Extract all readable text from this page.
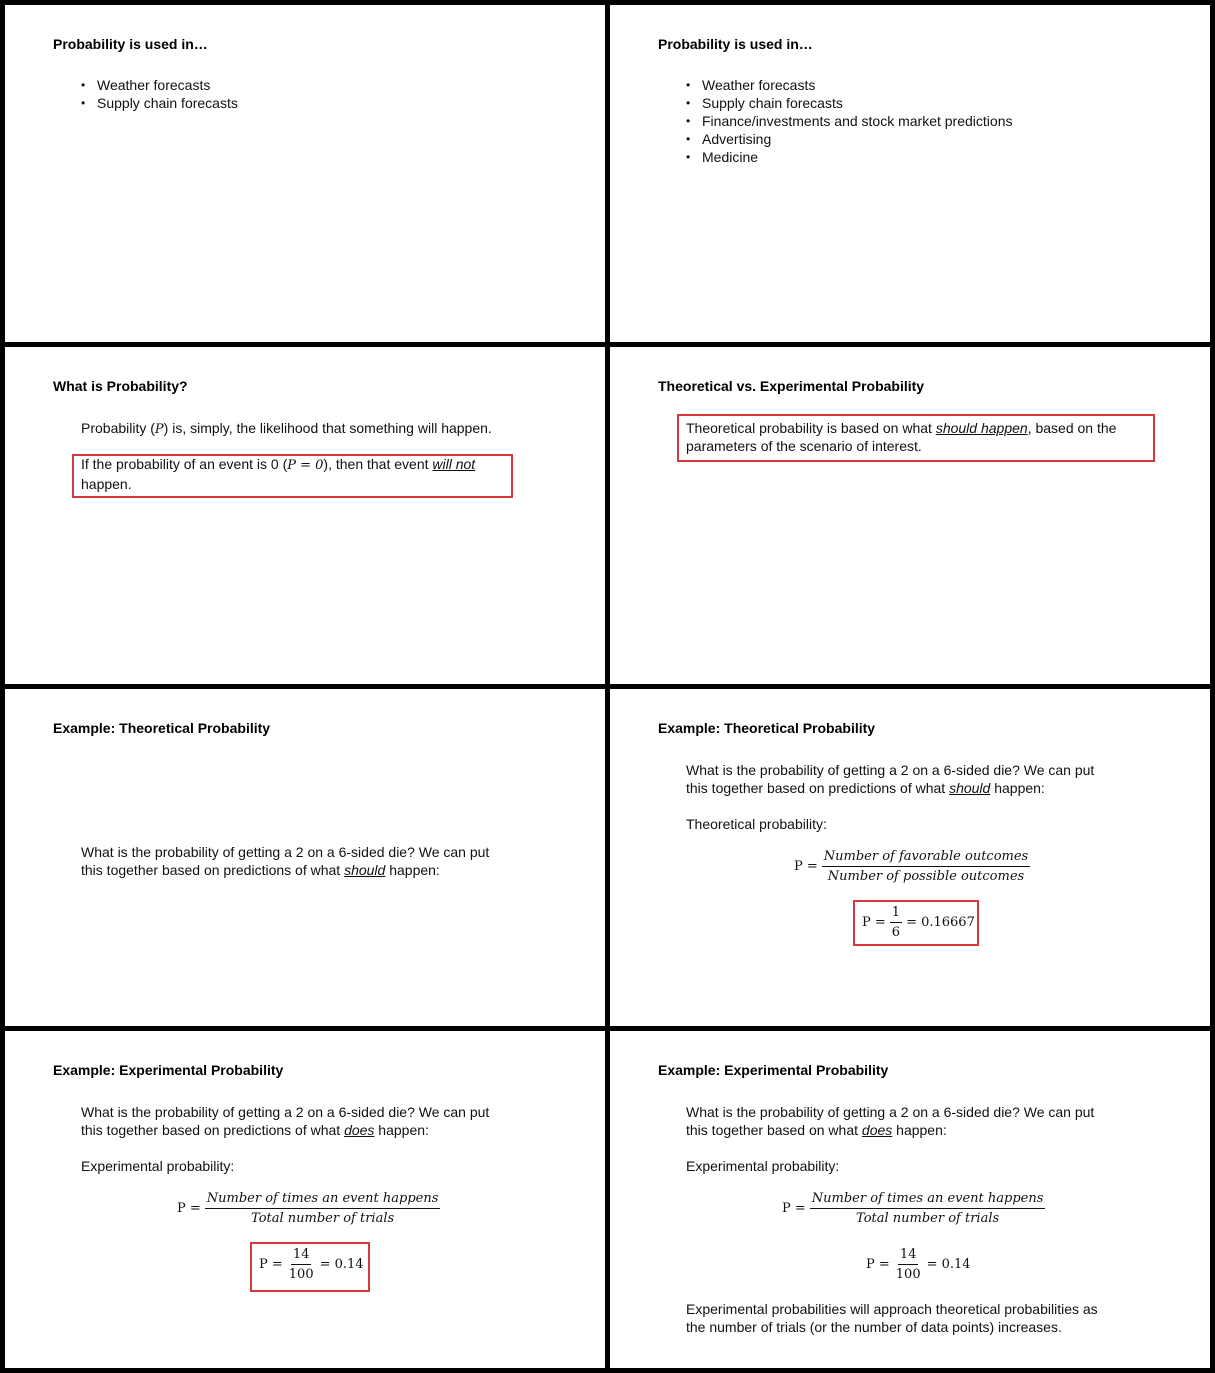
Probability is used in…
• Weather forecasts
• Supply chain forecasts
Probability is used in…
• Weather forecasts
• Supply chain forecasts
• Finance/investments and stock market predictions
• Advertising
• Medicine
What is Probability?
Probability (P) is, simply, the likelihood that something will happen.
If the probability of an event is 0 (P = 0), then that event will not
happen.
Theoretical vs. Experimental Probability
Theoretical probability is based on what should happen, based on the
parameters of the scenario of interest.
Example: Theoretical Probability
What is the probability of getting a 2 on a 6-sided die? We can put
this together based on predictions of what should happen:
Example: Theoretical Probability
What is the probability of getting a 2 on a 6-sided die? We can put
this together based on predictions of what should happen:
Theoretical probability:
$P = \frac{\text{Number of favorable outcomes}}{\text{Number of possible outcomes}}$
$P = \frac{1}{6} = 0.16667$
Example: Experimental Probability
What is the probability of getting a 2 on a 6-sided die? We can put
this together based on predictions of what does happen:
Experimental probability:
$P = \frac{\text{Number of times an event happens}}{\text{Total number of trials}}$
$P = \frac{14}{100} = 0.14$
Example: Experimental Probability
What is the probability of getting a 2 on a 6-sided die? We can put
this together based on what does happen:
Experimental probability:
$P = \frac{\text{Number of times an event happens}}{\text{Total number of trials}}$
$P = \frac{14}{100} = 0.14$
Experimental probabilities will approach theoretical probabilities as
the number of trials (or the number of data points) increases.
